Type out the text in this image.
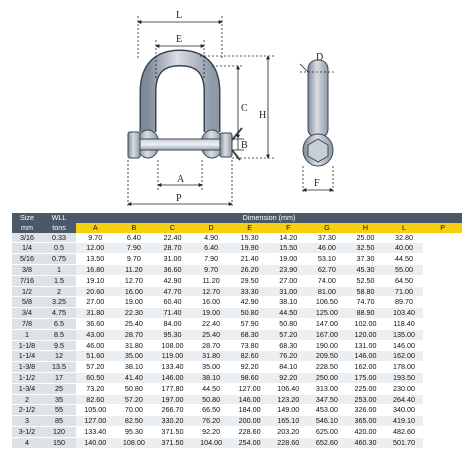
L
E
C
H
B
A
P
D
F
Size	WLL	Dimension (mm)									
mm	tons	A	B	C	D	E	F	G	H	L	P
3/16	0.33	9.70	6.40	22.40	4.90	15.30	14.20	37.30	25.00	32.80	
1/4	0.5	12.00	7.90	28.70	6.40	19.90	15.50	46.00	32.50	40.00	
5/16	0.75	13.50	9.70	31.00	7.90	21.40	19.00	53.10	37.30	44.50	
3/8	1	16.80	11.20	36.60	9.70	26.20	23.90	62.70	45.30	55.00	
7/16	1.5	19.10	12.70	42.90	11.20	29.50	27.00	74.00	52.50	64.50	
1/2	2	20.60	16.00	47.70	12.70	33.30	31.00	81.00	58.80	71.00	
5/8	3.25	27.00	19.00	60.40	16.00	42.90	38.10	106.50	74.70	89.70	
3/4	4.75	31.80	22.30	71.40	19.00	50.80	44.50	125.00	88.90	103.40	
7/8	6.5	36.60	25.40	84.00	22.40	57.90	50.80	147.00	102.00	118.40	
1	8.5	43.00	28.70	95.30	25.40	68.30	57.20	167.00	120.00	135.00	
1-1/8	9.5	46.00	31.80	108.00	28.70	73.80	68.30	190.00	131.00	146.00	
1-1/4	12	51.60	35.00	119.00	31.80	82.60	76.20	209.50	146.00	162.00	
1-3/8	13.5	57.20	38.10	133.40	35.00	92.20	84.10	228.50	162.00	178.00	
1-1/2	17	60.50	41.40	146.00	38.10	98.60	92.20	250.00	175.00	193.50	
1-3/4	25	73.20	50.80	177.80	44.50	127.00	106.40	313.00	225.00	230.00	
2	35	82.60	57.20	197.00	50.80	146.00	123.20	347.50	253.00	264.40	
2-1/2	55	105.00	70.00	266.70	66.50	184.00	149.00	453.00	326.00	340.00	
3	85	127.00	82.50	330.20	76.20	200.00	165.10	546.10	365.00	419.10	
3-1/2	120	133.40	95.30	371.50	92.20	228.60	203.20	625.00	420.00	482.60	
4	150	140.00	108.00	371.50	104.00	254.00	228.60	652.60	460.30	501.70	
